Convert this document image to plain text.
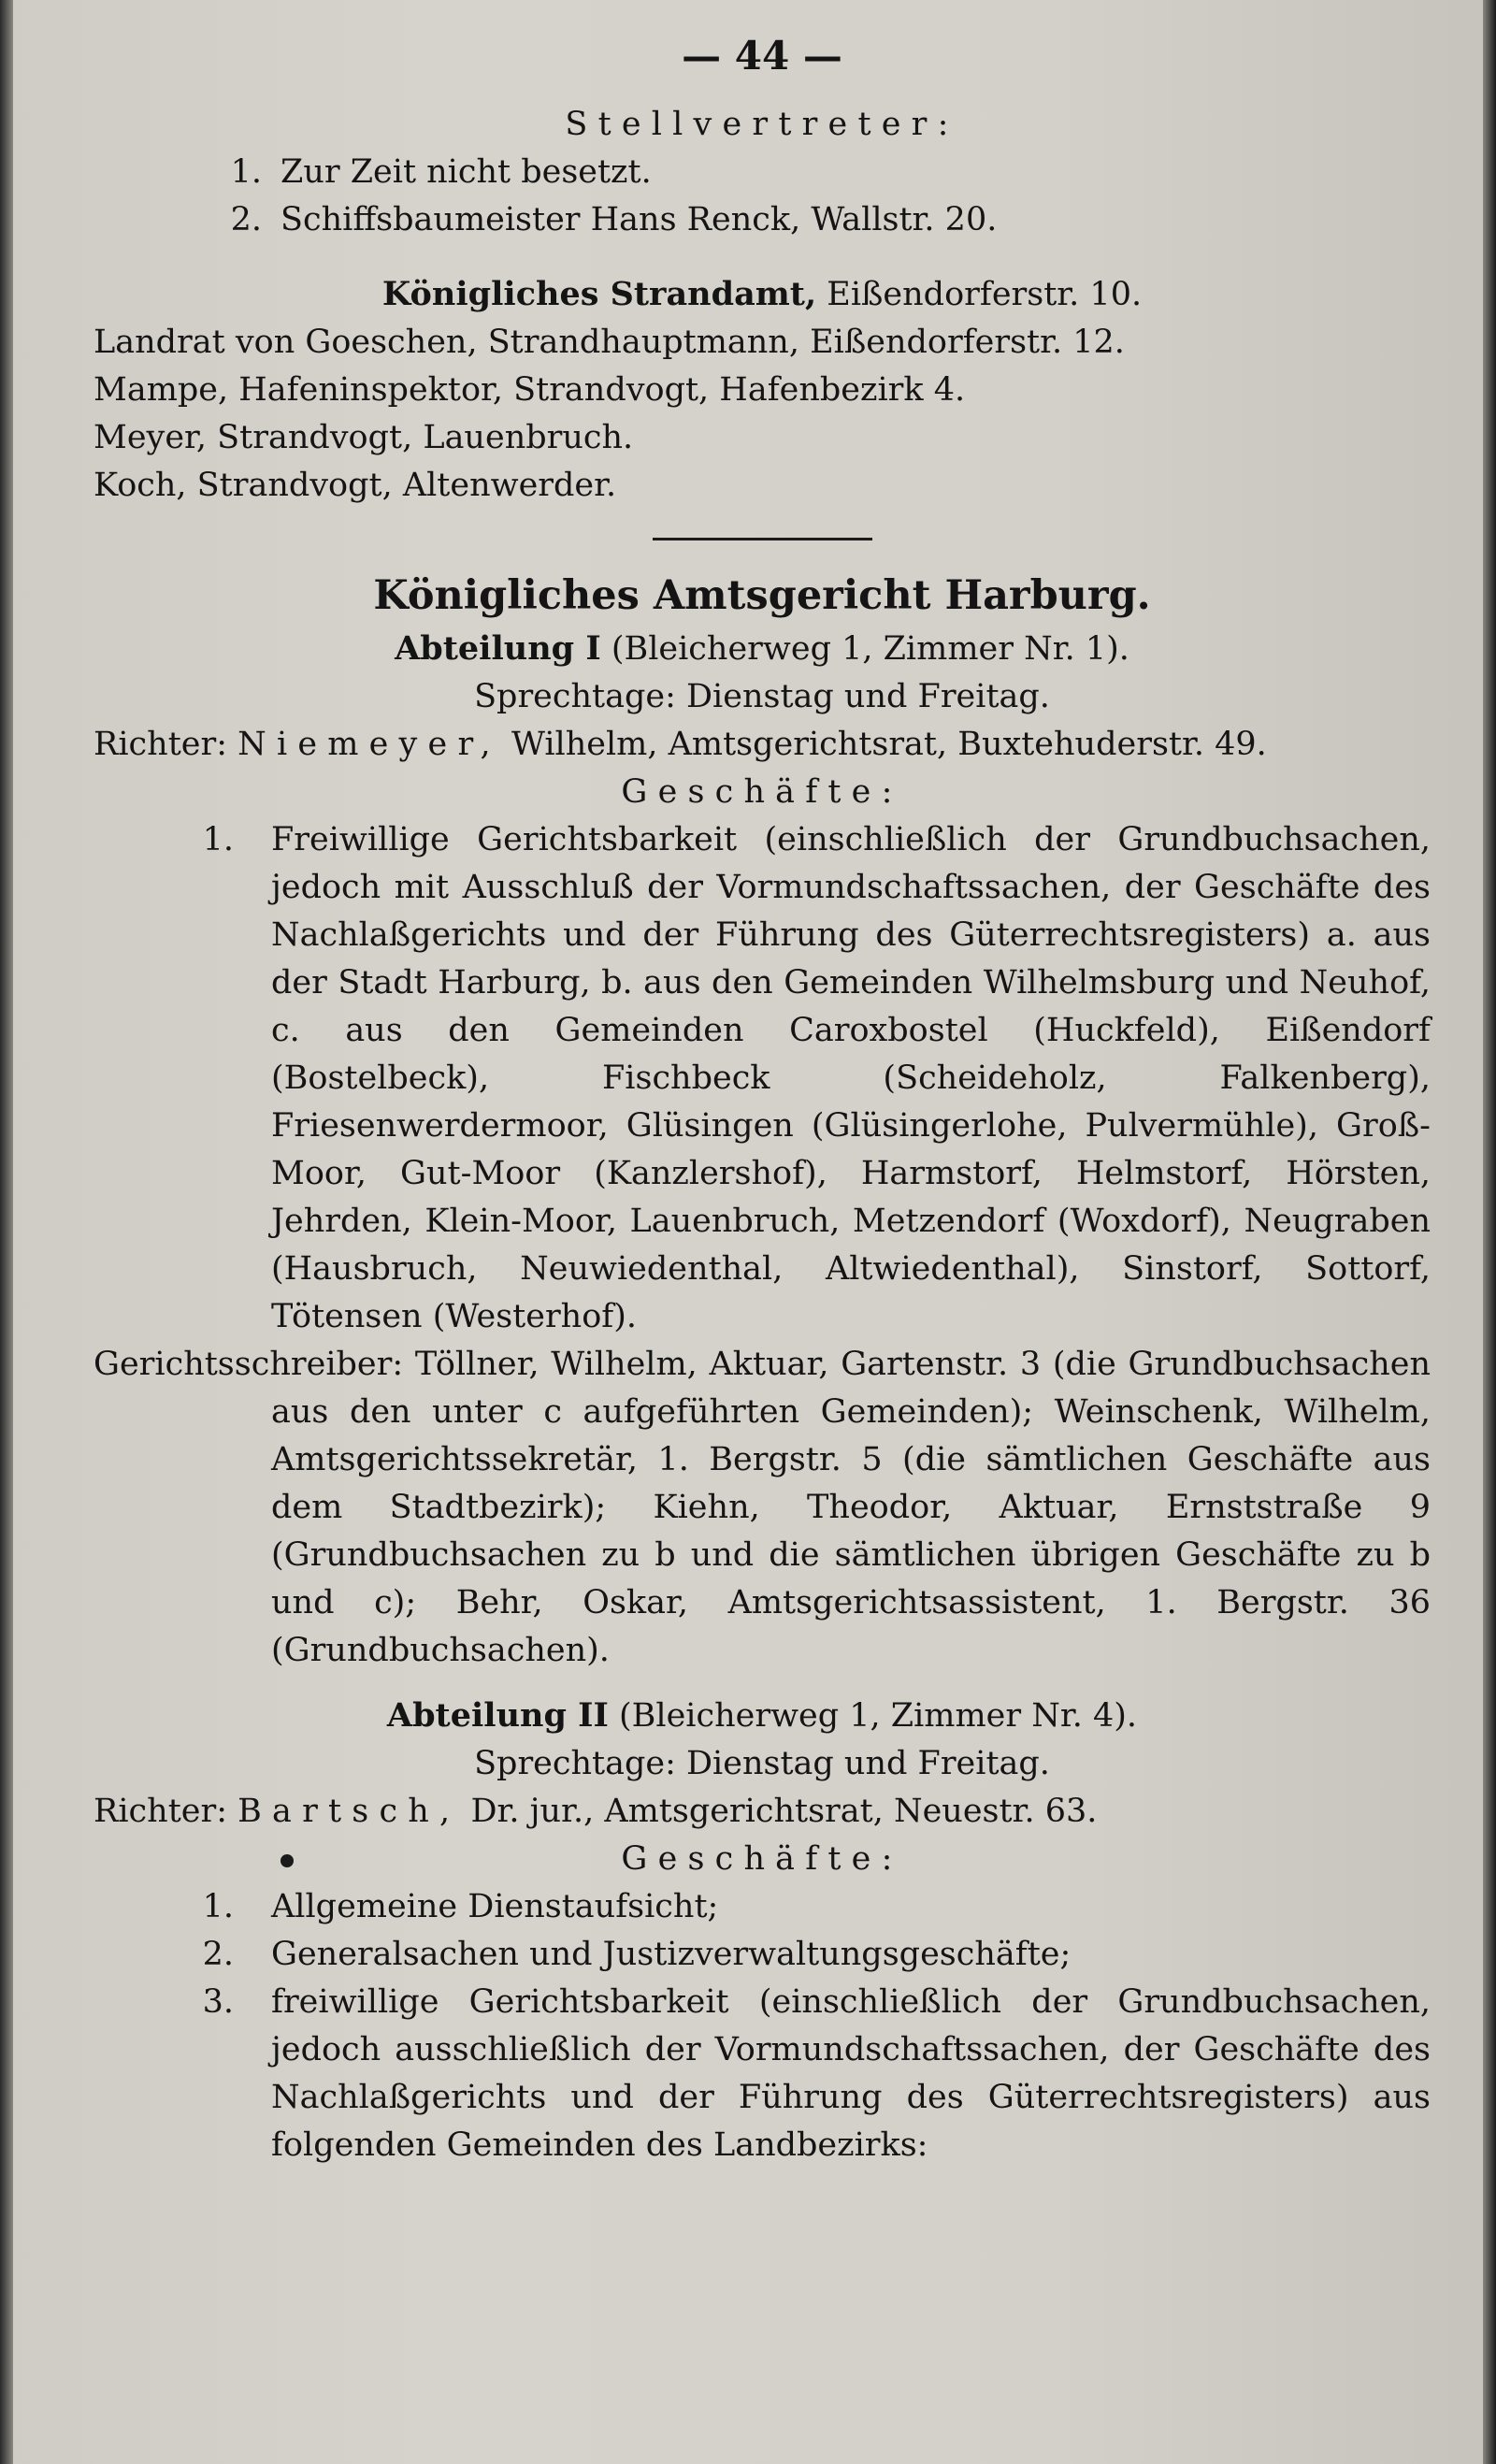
— 44 —
Stellvertreter:
1. Zur Zeit nicht besetzt.
2. Schiffsbaumeister Hans Renck, Wallstr. 20.
Königliches Strandamt, Eißendorferstr. 10.
Landrat von Goeschen, Strandhauptmann, Eißendorferstr. 12.
Mampe, Hafeninspektor, Strandvogt, Hafenbezirk 4.
Meyer, Strandvogt, Lauenbruch.
Koch, Strandvogt, Altenwerder.
Königliches Amtsgericht Harburg.
Abteilung I (Bleicherweg 1, Zimmer Nr. 1).
Sprechtage: Dienstag und Freitag.
Richter: Niemeyer, Wilhelm, Amtsgerichtsrat, Buxtehuderstr. 49.
Geschäfte:
1. Freiwillige Gerichtsbarkeit (einschließlich der Grundbuchsachen, jedoch mit Ausschluß der Vormundschaftssachen, der Geschäfte des Nachlaßgerichts und der Führung des Güterrechtsregisters) a. aus der Stadt Harburg, b. aus den Gemeinden Wilhelmsburg und Neuhof, c. aus den Gemeinden Caroxbostel (Huckfeld), Eißendorf (Bostelbeck), Fischbeck (Scheideholz, Falkenberg), Friesenwerdermoor, Glüsingen (Glüsingerlohe, Pulvermühle), Groß-Moor, Gut-Moor (Kanzlershof), Harmstorf, Helmstorf, Hörsten, Jehrden, Klein-Moor, Lauenbruch, Metzendorf (Woxdorf), Neugraben (Hausbruch, Neuwiedenthal, Altwiedenthal), Sinstorf, Sottorf, Tötensen (Westerhof).
Gerichtsschreiber: Töllner, Wilhelm, Aktuar, Gartenstr. 3 (die Grundbuchsachen aus den unter c aufgeführten Gemeinden); Weinschenk, Wilhelm, Amtsgerichtssekretär, 1. Bergstr. 5 (die sämtlichen Geschäfte aus dem Stadtbezirk); Kiehn, Theodor, Aktuar, Ernststraße 9 (Grundbuchsachen zu b und die sämtlichen übrigen Geschäfte zu b und c); Behr, Oskar, Amtsgerichtsassistent, 1. Bergstr. 36 (Grundbuchsachen).
Abteilung II (Bleicherweg 1, Zimmer Nr. 4).
Sprechtage: Dienstag und Freitag.
Richter: Bartsch, Dr. jur., Amtsgerichtsrat, Neuestr. 63.
Geschäfte:
1. Allgemeine Dienstaufsicht;
2. Generalsachen und Justizverwaltungsgeschäfte;
3. freiwillige Gerichtsbarkeit (einschließlich der Grundbuchsachen, jedoch ausschließlich der Vormundschaftssachen, der Geschäfte des Nachlaßgerichts und der Führung des Güterrechtsregisters) aus folgenden Gemeinden des Landbezirks:
